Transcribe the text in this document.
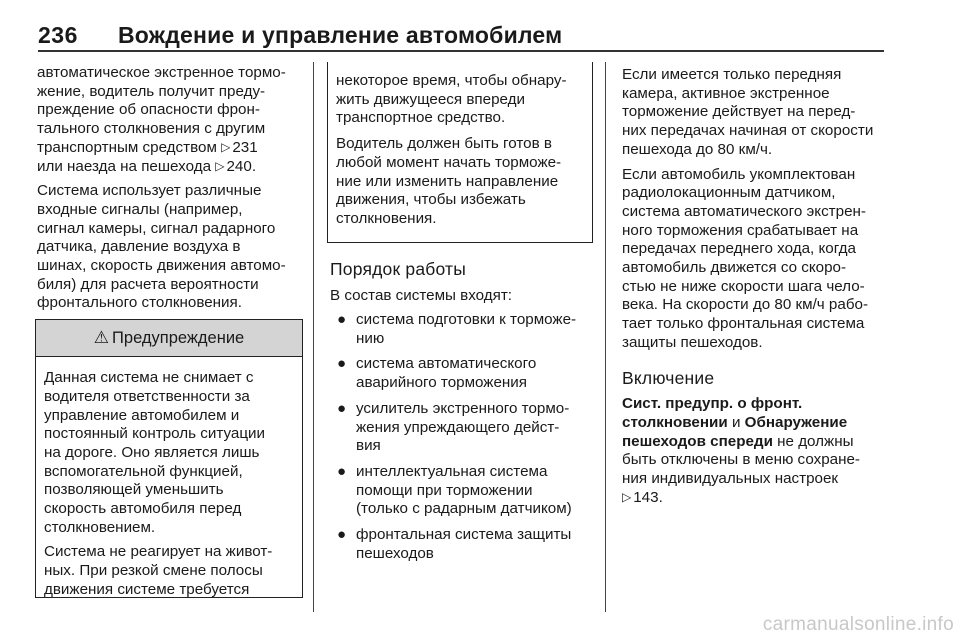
236 Вождение и управление автомобилем

автоматическое экстренное тормо-
жение, водитель получит преду-
преждение об опасности фрон-
тального столкновения с другим
транспортным средством ▷ 231
или наезда на пешехода ▷ 240.

Система использует различные
входные сигналы (например,
сигнал камеры, сигнал радарного
датчика, давление воздуха в
шинах, скорость движения автомо-
биля) для расчета вероятности
фронтального столкновения.

⚠ Предупреждение

Данная система не снимает с
водителя ответственности за
управление автомобилем и
постоянный контроль ситуации
на дороге. Оно является лишь
вспомогательной функцией,
позволяющей уменьшить
скорость автомобиля перед
столкновением.

Система не реагирует на живот-
ных. При резкой смене полосы
движения системе требуется

некоторое время, чтобы обнару-
жить движущееся впереди
транспортное средство.

Водитель должен быть готов в
любой момент начать торможе-
ние или изменить направление
движения, чтобы избежать
столкновения.

Порядок работы

В состав системы входят:

● система подготовки к торможе-
нию
● система автоматического
аварийного торможения
● усилитель экстренного тормо-
жения упреждающего дейст-
вия
● интеллектуальная система
помощи при торможении
(только с радарным датчиком)
● фронтальная система защиты
пешеходов

Если имеется только передняя
камера, активное экстренное
торможение действует на перед-
них передачах начиная от скорости
пешехода до 80 км/ч.

Если автомобиль укомплектован
радиолокационным датчиком,
система автоматического экстрен-
ного торможения срабатывает на
передачах переднего хода, когда
автомобиль движется со скоро-
стью не ниже скорости шага чело-
века. На скорости до 80 км/ч рабо-
тает только фронтальная система
защиты пешеходов.

Включение

Сист. предупр. о фронт.
столкновении и Обнаружение
пешеходов спереди не должны
быть отключены в меню сохране-
ния индивидуальных настроек
▷ 143.

carmanualsonline.info
